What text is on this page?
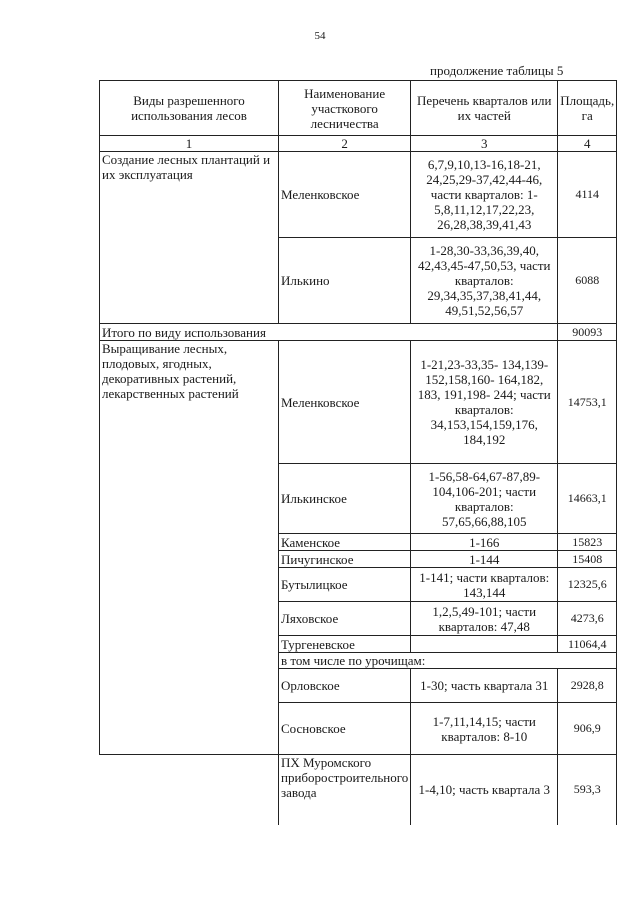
54
продолжение таблицы 5
Виды разрешенного использования лесов	Наименование участкового лесничества	Перечень кварталов или их частей	Площадь, га
1	2	3	4
Создание лесных плантаций и их эксплуатация	Меленковское	6,7,9,10,13-16,18-21, 24,25,29-37,42,44-46, части кварталов: 1-5,8,11,12,17,22,23, 26,28,38,39,41,43	4114
	Илькино	1-28,30-33,36,39,40, 42,43,45-47,50,53, части кварталов: 29,34,35,37,38,41,44, 49,51,52,56,57	6088
Итого по виду использования			90093
Выращивание лесных, плодовых, ягодных, декоративных растений, лекарственных растений	Меленковское	1-21,23-33,35- 134,139-152,158,160- 164,182, 183, 191,198- 244; части кварталов: 34,153,154,159,176, 184,192	14753,1
	Илькинское	1-56,58-64,67-87,89- 104,106-201; части кварталов: 57,65,66,88,105	14663,1
	Каменское	1-166	15823
	Пичугинское	1-144	15408
	Бутылицкое	1-141; части кварталов: 143,144	12325,6
	Ляховское	1,2,5,49-101; части кварталов: 47,48	4273,6
	Тургеневское		11064,4
	в том числе по урочищам:		
	Орловское	1-30; часть квартала 31	2928,8
	Сосновское	1-7,11,14,15; части кварталов: 8-10	906,9
	ПХ Муромского приборостроительного завода	1-4,10; часть квартала 3	593,3
